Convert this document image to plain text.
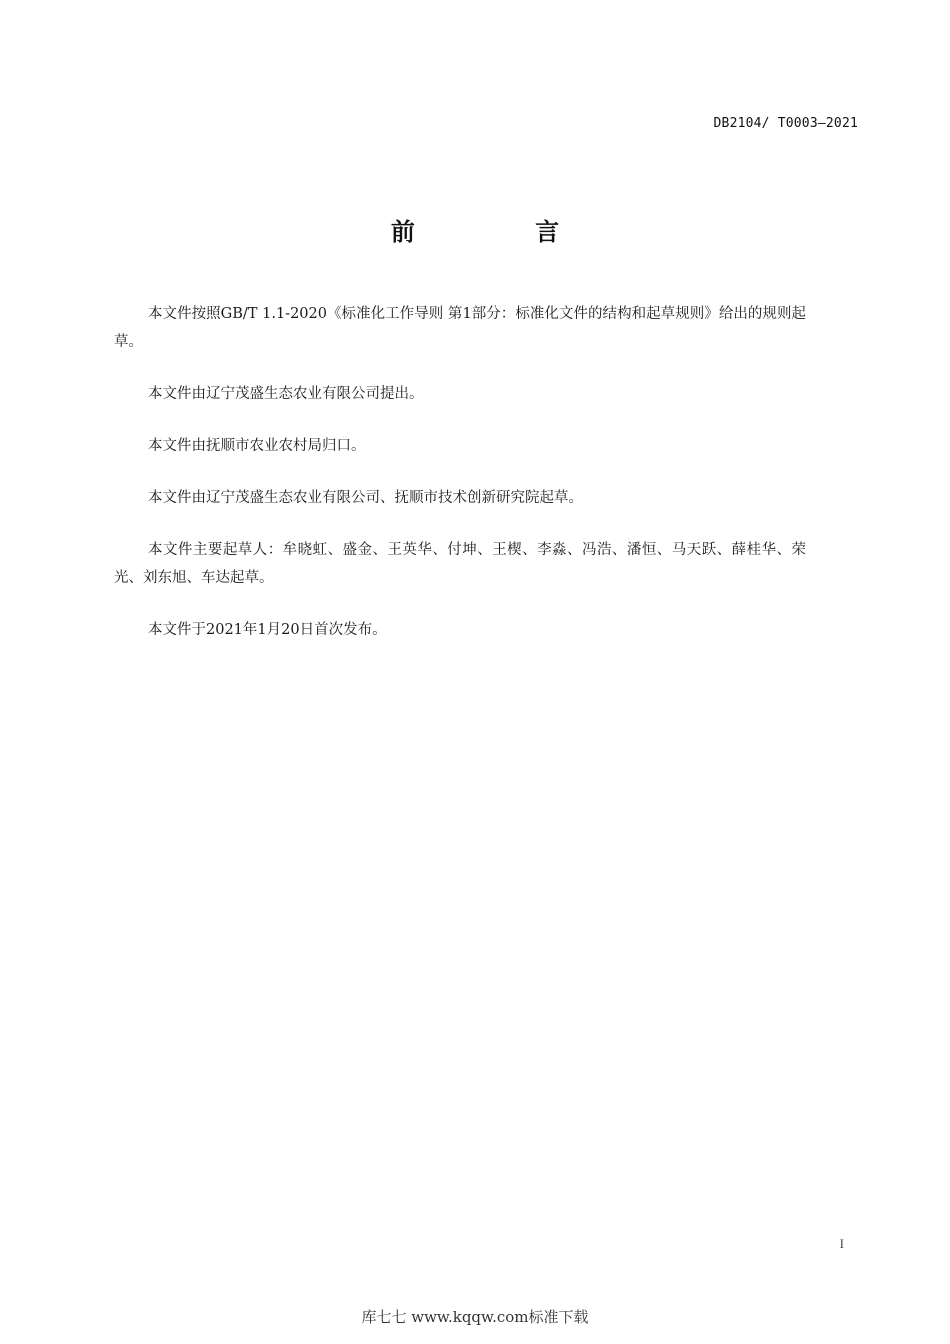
DB2104/ T0003—2021
前 言

本文件按照GB/T 1.1-2020《标准化工作导则 第1部分：标准化文件的结构和起草规则》给出的规则起草。

本文件由辽宁茂盛生态农业有限公司提出。

本文件由抚顺市农业农村局归口。

本文件由辽宁茂盛生态农业有限公司、抚顺市技术创新研究院起草。

本文件主要起草人：牟晓虹、盛金、王英华、付坤、王楔、李淼、冯浩、潘恒、马天跃、薛桂华、荣光、刘东旭、车达起草。

本文件于2021年1月20日首次发布。

I
库七七 www.kqqw.com标准下载
